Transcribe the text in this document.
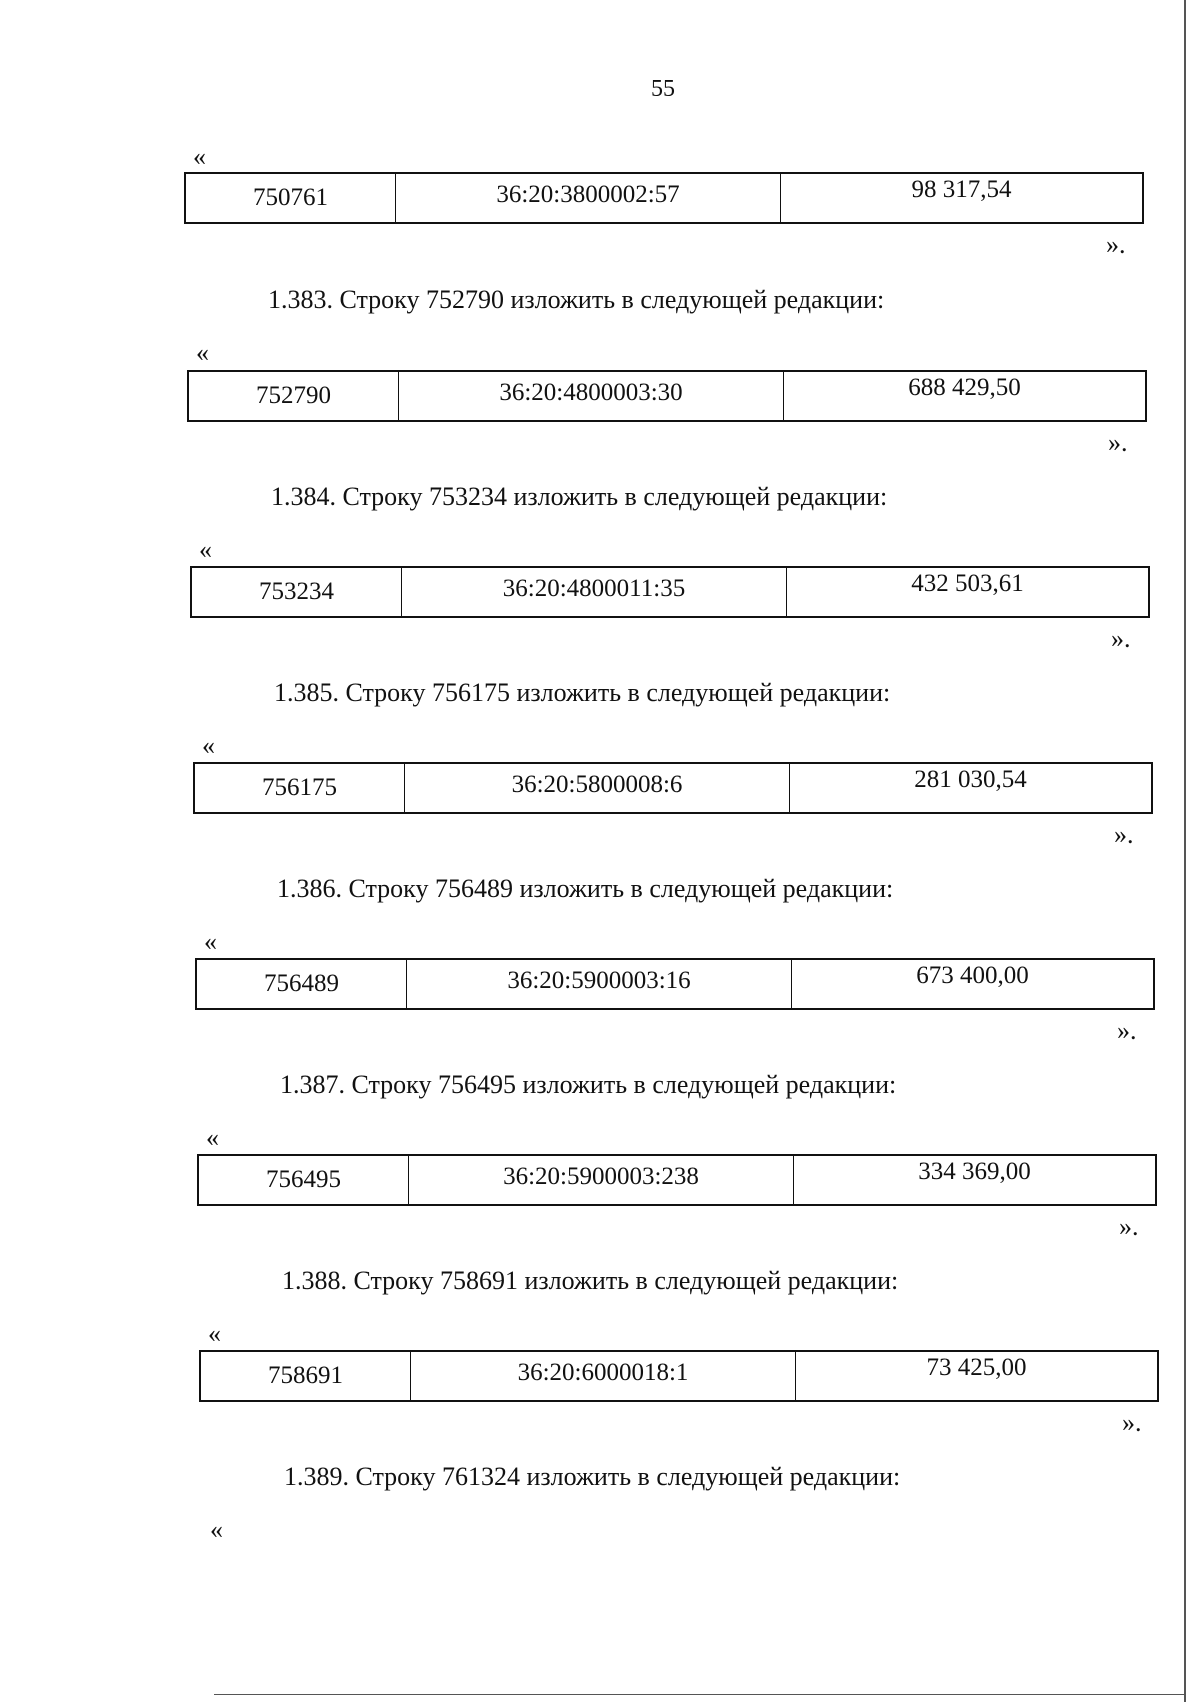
55
«
750761	36:20:3800002:57	98 317,54
».
1.383. Строку 752790 изложить в следующей редакции:
«
752790	36:20:4800003:30	688 429,50
».
1.384. Строку 753234 изложить в следующей редакции:
«
753234	36:20:4800011:35	432 503,61
».
1.385. Строку 756175 изложить в следующей редакции:
«
756175	36:20:5800008:6	281 030,54
».
1.386. Строку 756489 изложить в следующей редакции:
«
756489	36:20:5900003:16	673 400,00
».
1.387. Строку 756495 изложить в следующей редакции:
«
756495	36:20:5900003:238	334 369,00
».
1.388. Строку 758691 изложить в следующей редакции:
«
758691	36:20:6000018:1	73 425,00
».
1.389. Строку 761324 изложить в следующей редакции:
«
